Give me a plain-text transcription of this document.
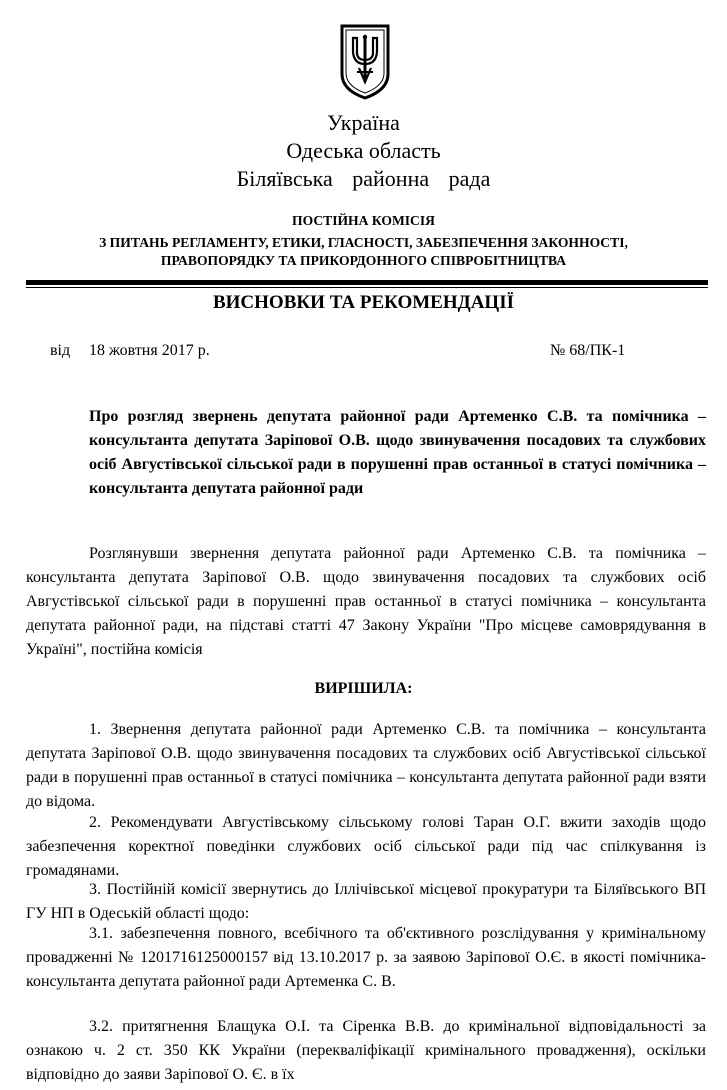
Україна
Одеська область
Біляївська районна рада
ПОСТІЙНА КОМІСІЯ
З ПИТАНЬ РЕГЛАМЕНТУ, ЕТИКИ, ГЛАСНОСТІ, ЗАБЕЗПЕЧЕННЯ ЗАКОННОСТІ,
ПРАВОПОРЯДКУ ТА ПРИКОРДОННОГО СПІВРОБІТНИЦТВА
ВИСНОВКИ ТА РЕКОМЕНДАЦІЇ
від 18 жовтня 2017 р.	№ 68/ПК-1
Про розгляд звернень депутата районної ради Артеменко С.В. та помічника – консультанта депутата Зарiпової О.В. щодо звинувачення посадових та службових осіб Августівської сільської ради в порушенні прав останньої в статусі помічника – консультанта депутата районної ради
Розглянувши звернення депутата районної ради Артеменко С.В. та помічника – консультанта депутата Зарiпової О.В. щодо звинувачення посадових та службових осіб Августівської сільської ради в порушенні прав останньої в статусі помічника – консультанта депутата районної ради, на підставі статті 47 Закону України "Про місцеве самоврядування в Україні", постійна комісія
ВИРІШИЛА:
1. Звернення депутата районної ради Артеменко С.В. та помічника – консультанта депутата Зарiпової О.В. щодо звинувачення посадових та службових осіб Августівської сільської ради в порушенні прав останньої в статусі помічника – консультанта депутата районної ради взяти до відома.
2. Рекомендувати Августівському сільському голові Таран О.Г. вжити заходів щодо забезпечення коректної поведінки службових осіб сільської ради під час спілкування із громадянами.
3. Постійній комісії звернутись до Іллічівської місцевої прокуратури та Біляївського ВП ГУ НП в Одеській області щодо:
3.1. забезпечення повного, всебічного та об'єктивного розслідування у кримінальному провадженні № 1201716125000157 від 13.10.2017 р. за заявою Зарiпової О.Є. в якості помічника-консультанта депутата районної ради Артеменка С. В.
3.2. притягнення Блащука О.І. та Сіренка В.В. до кримінальної відповідальності за ознакою ч. 2 ст. 350 КК України (перекваліфікації кримінального провадження), оскільки відповідно до заяви Зарiпової О. Є. в їх
